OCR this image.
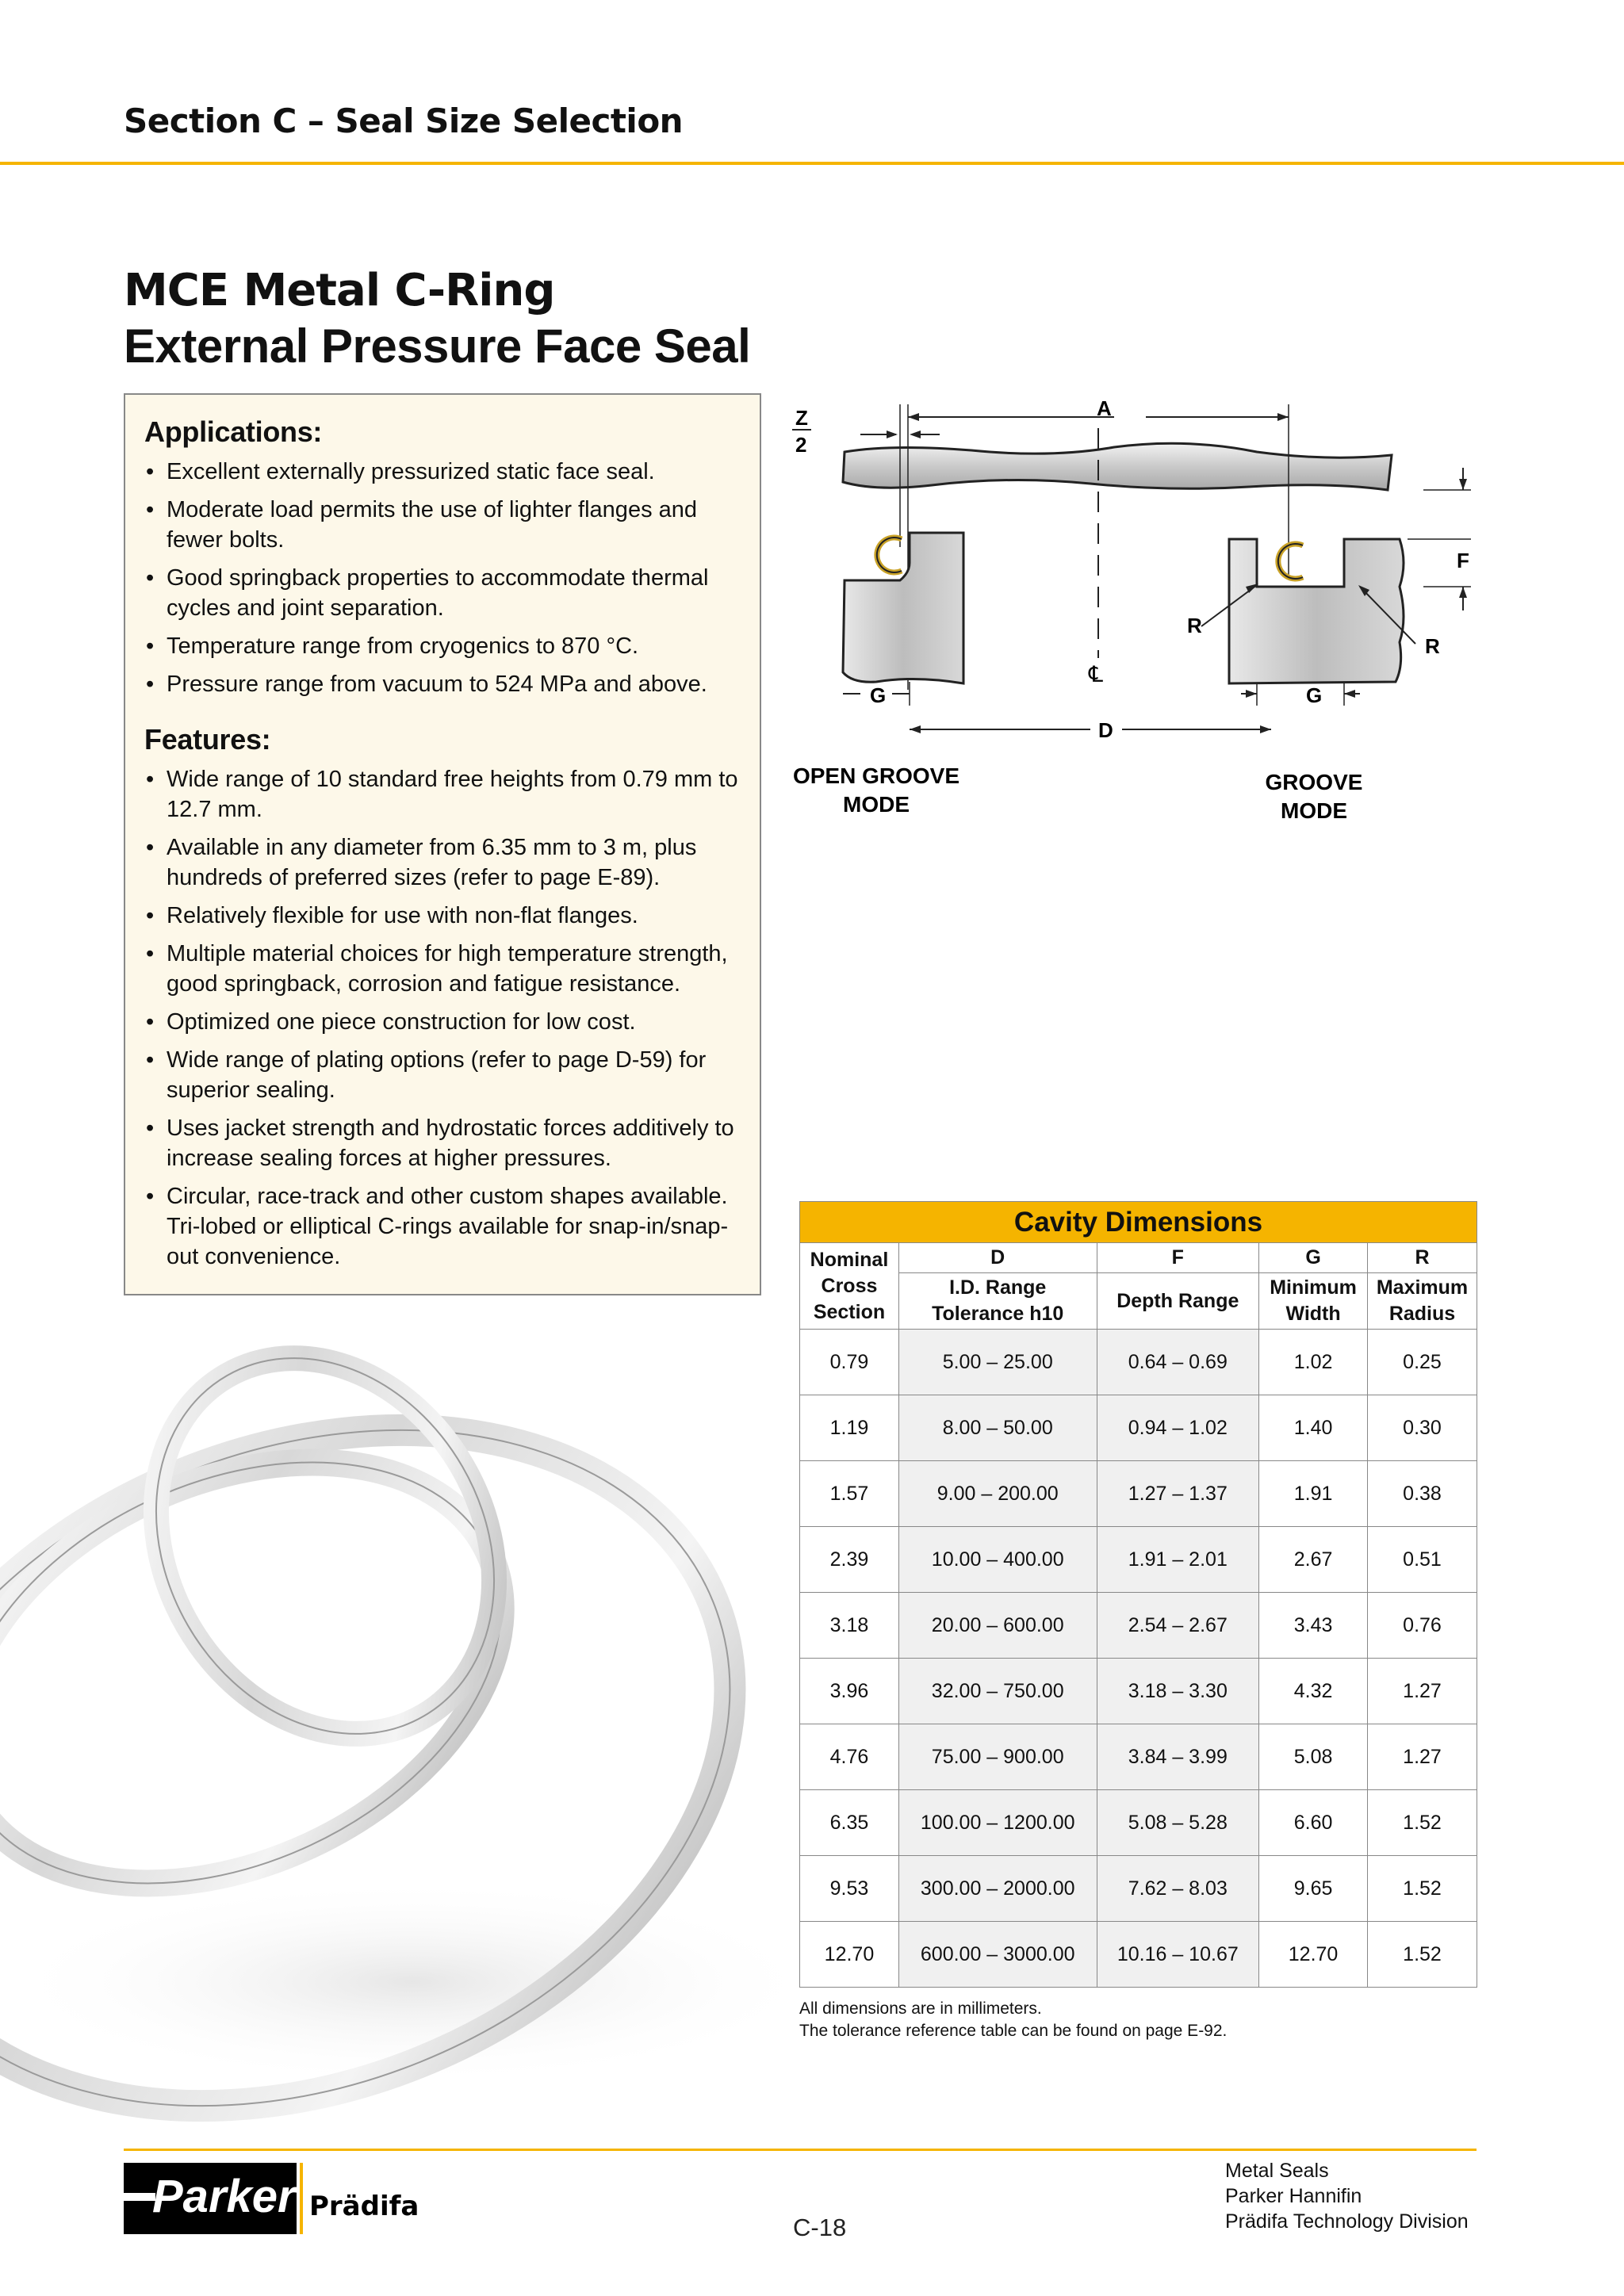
Section C – Seal Size Selection
MCE Metal C-Ring
External Pressure Face Seal
Applications:
• Excellent externally pressurized static face seal.
• Moderate load permits the use of lighter flanges and fewer bolts.
• Good springback properties to accommodate thermal cycles and joint separation.
• Temperature range from cryogenics to 870 °C.
• Pressure range from vacuum to 524 MPa and above.
Features:
• Wide range of 10 standard free heights from 0.79 mm to 12.7 mm.
• Available in any diameter from 6.35 mm to 3 m, plus hundreds of preferred sizes (refer to page E-89).
• Relatively flexible for use with non-flat flanges.
• Multiple material choices for high temperature strength, good springback, corrosion and fatigue resistance.
• Optimized one piece construction for low cost.
• Wide range of plating options (refer to page D-59) for superior sealing.
• Uses jacket strength and hydrostatic forces additively to increase sealing forces at higher pressures.
• Circular, race-track and other custom shapes available. Tri-lobed or elliptical C-rings available for snap-in/snap-out convenience.
A
Z
2
℄
F
R
R
G	G
D
OPEN GROOVE
MODE
GROOVE
MODE
Cavity Dimensions				
Nominal Cross Section	D	F	G	R
	I.D. Range Tolerance h10	Depth Range	Minimum Width	Maximum Radius
0.79	5.00 – 25.00	0.64 – 0.69	1.02	0.25
1.19	8.00 – 50.00	0.94 – 1.02	1.40	0.30
1.57	9.00 – 200.00	1.27 – 1.37	1.91	0.38
2.39	10.00 – 400.00	1.91 – 2.01	2.67	0.51
3.18	20.00 – 600.00	2.54 – 2.67	3.43	0.76
3.96	32.00 – 750.00	3.18 – 3.30	4.32	1.27
4.76	75.00 – 900.00	3.84 – 3.99	5.08	1.27
6.35	100.00 – 1200.00	5.08 – 5.28	6.60	1.52
9.53	300.00 – 2000.00	7.62 – 8.03	9.65	1.52
12.70	600.00 – 3000.00	10.16 – 10.67	12.70	1.52
All dimensions are in millimeters.
The tolerance reference table can be found on page E-92.
Parker Prädifa
C-18
Metal Seals
Parker Hannifin
Prädifa Technology Division
